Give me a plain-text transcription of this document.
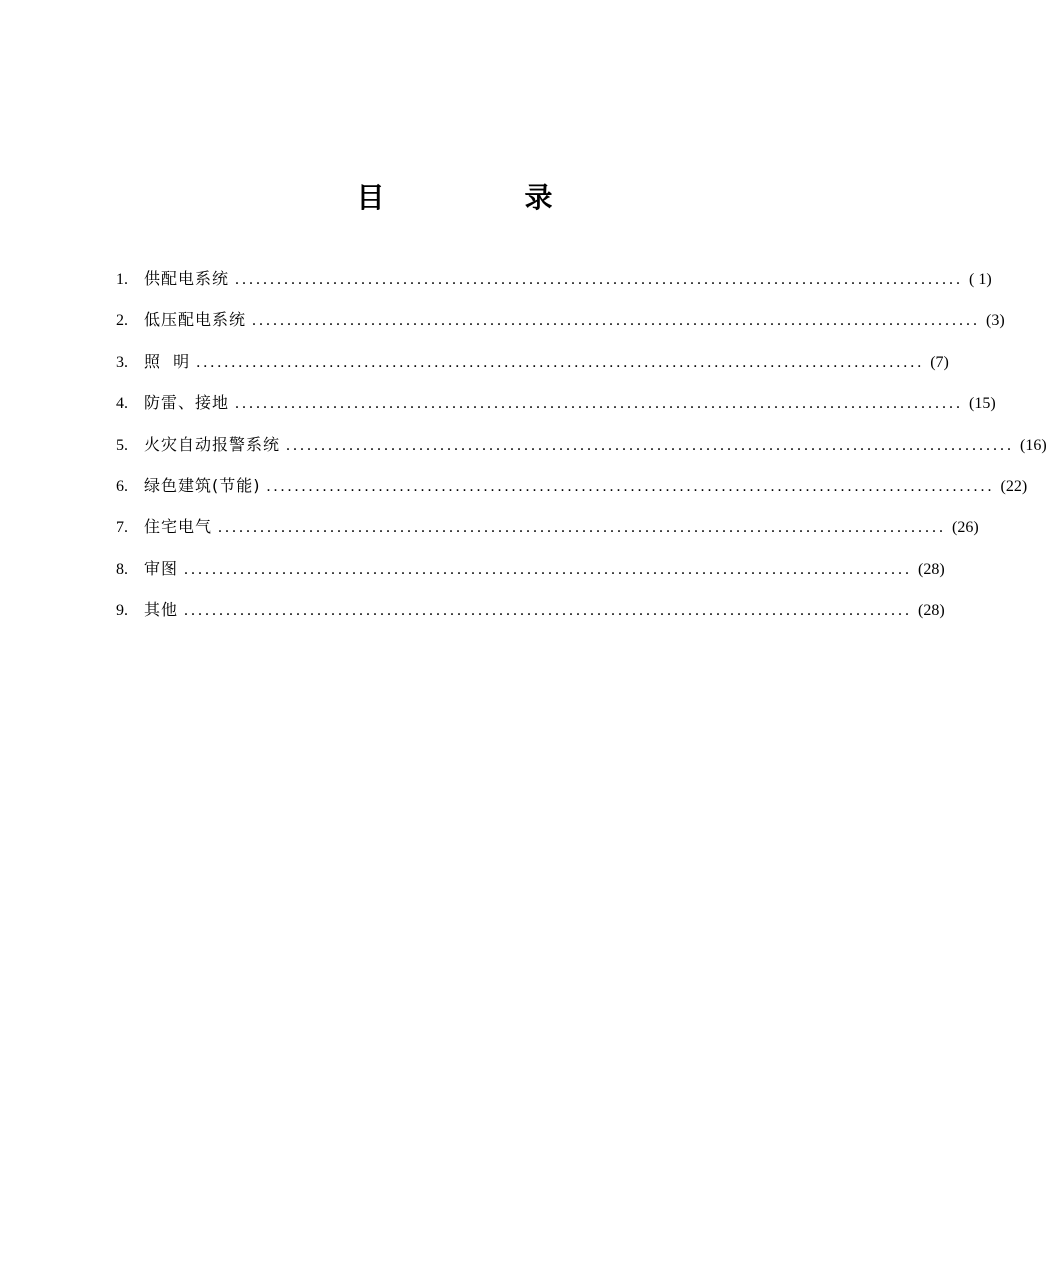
目　录
1.	供配电系统 ........................................................................................................ ( 1)
2.	低压配电系统 ........................................................................................................ (3)
3.	照  明 ........................................................................................................ (7)
4.	防雷、接地 ........................................................................................................ (15)
5.	火灾自动报警系统 ........................................................................................................ (16)
6.	绿色建筑(节能) ........................................................................................................ (22)
7.	住宅电气 ........................................................................................................ (26)
8.	审图 ........................................................................................................ (28)
9.	其他 ........................................................................................................ (28)
